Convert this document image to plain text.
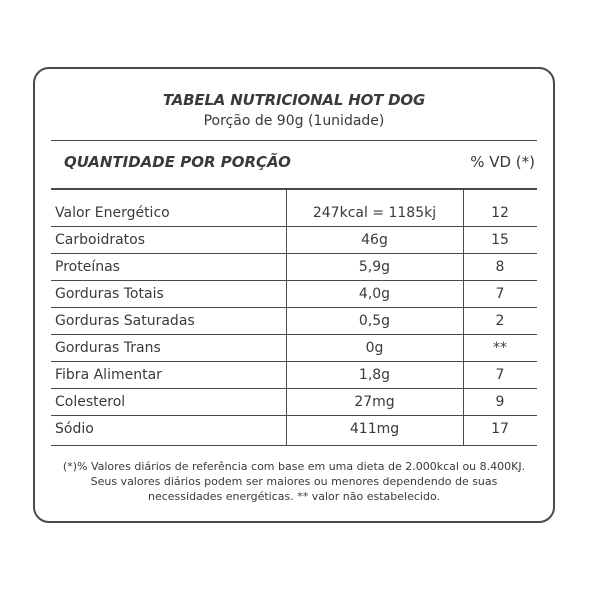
TABELA NUTRICIONAL HOT DOG
Porção de 90g (1unidade)
QUANTIDADE POR PORÇÃO	% VD (*)
Valor Energético	247kcal = 1185kj	12
Carboidratos	46g	15
Proteínas	5,9g	8
Gorduras Totais	4,0g	7
Gorduras Saturadas	0,5g	2
Gorduras Trans	0g	**
Fibra Alimentar	1,8g	7
Colesterol	27mg	9
Sódio	411mg	17
(*)% Valores diários de referência com base em uma dieta de 2.000kcal ou 8.400KJ. Seus valores diários podem ser maiores ou menores dependendo de suas necessidades energéticas. ** valor não estabelecido.
